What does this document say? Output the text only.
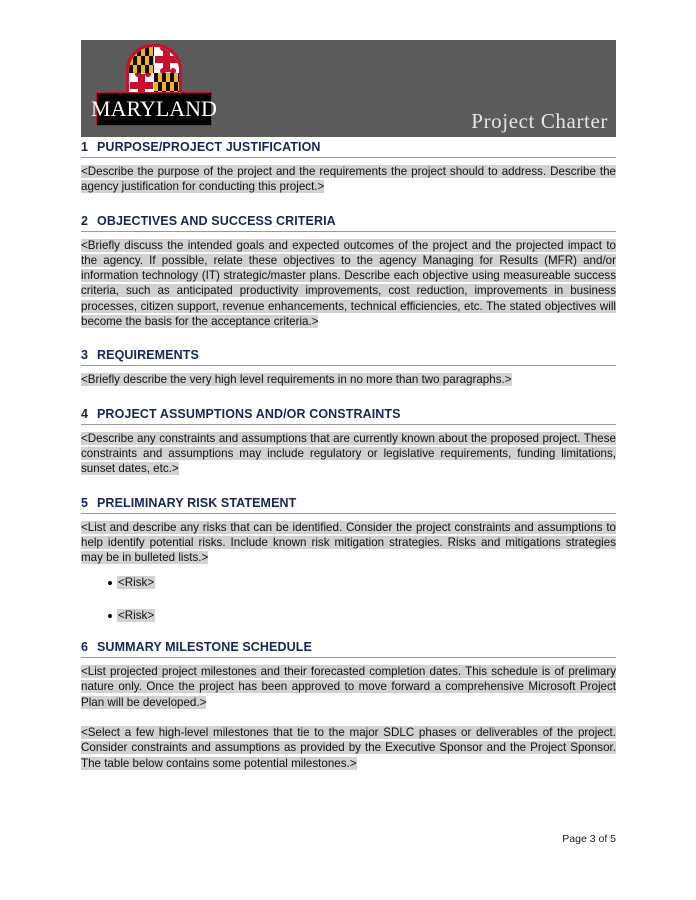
MARYLAND	Project Charter
1 PURPOSE/PROJECT JUSTIFICATION

<Describe the purpose of the project and the requirements the project should to address. Describe the agency justification for conducting this project.>

2 OBJECTIVES AND SUCCESS CRITERIA

<Briefly discuss the intended goals and expected outcomes of the project and the projected impact to the agency. If possible, relate these objectives to the agency Managing for Results (MFR) and/or information technology (IT) strategic/master plans. Describe each objective using measureable success criteria, such as anticipated productivity improvements, cost reduction, improvements in business processes, citizen support, revenue enhancements, technical efficiencies, etc. The stated objectives will become the basis for the acceptance criteria.>

3 REQUIREMENTS

<Briefly describe the very high level requirements in no more than two paragraphs.>

4 PROJECT ASSUMPTIONS AND/OR CONSTRAINTS

<Describe any constraints and assumptions that are currently known about the proposed project. These constraints and assumptions may include regulatory or legislative requirements, funding limitations, sunset dates, etc.>

5 PRELIMINARY RISK STATEMENT

<List and describe any risks that can be identified. Consider the project constraints and assumptions to help identify potential risks. Include known risk mitigation strategies. Risks and mitigations strategies may be in bulleted lists.>

<Risk>
<Risk>
6 SUMMARY MILESTONE SCHEDULE

<List projected project milestones and their forecasted completion dates. This schedule is of prelimary nature only. Once the project has been approved to move forward a comprehensive Microsoft Project Plan will be developed.>

<Select a few high-level milestones that tie to the major SDLC phases or deliverables of the project. Consider constraints and assumptions as provided by the Executive Sponsor and the Project Sponsor. The table below contains some potential milestones.>

Page 3 of 5
